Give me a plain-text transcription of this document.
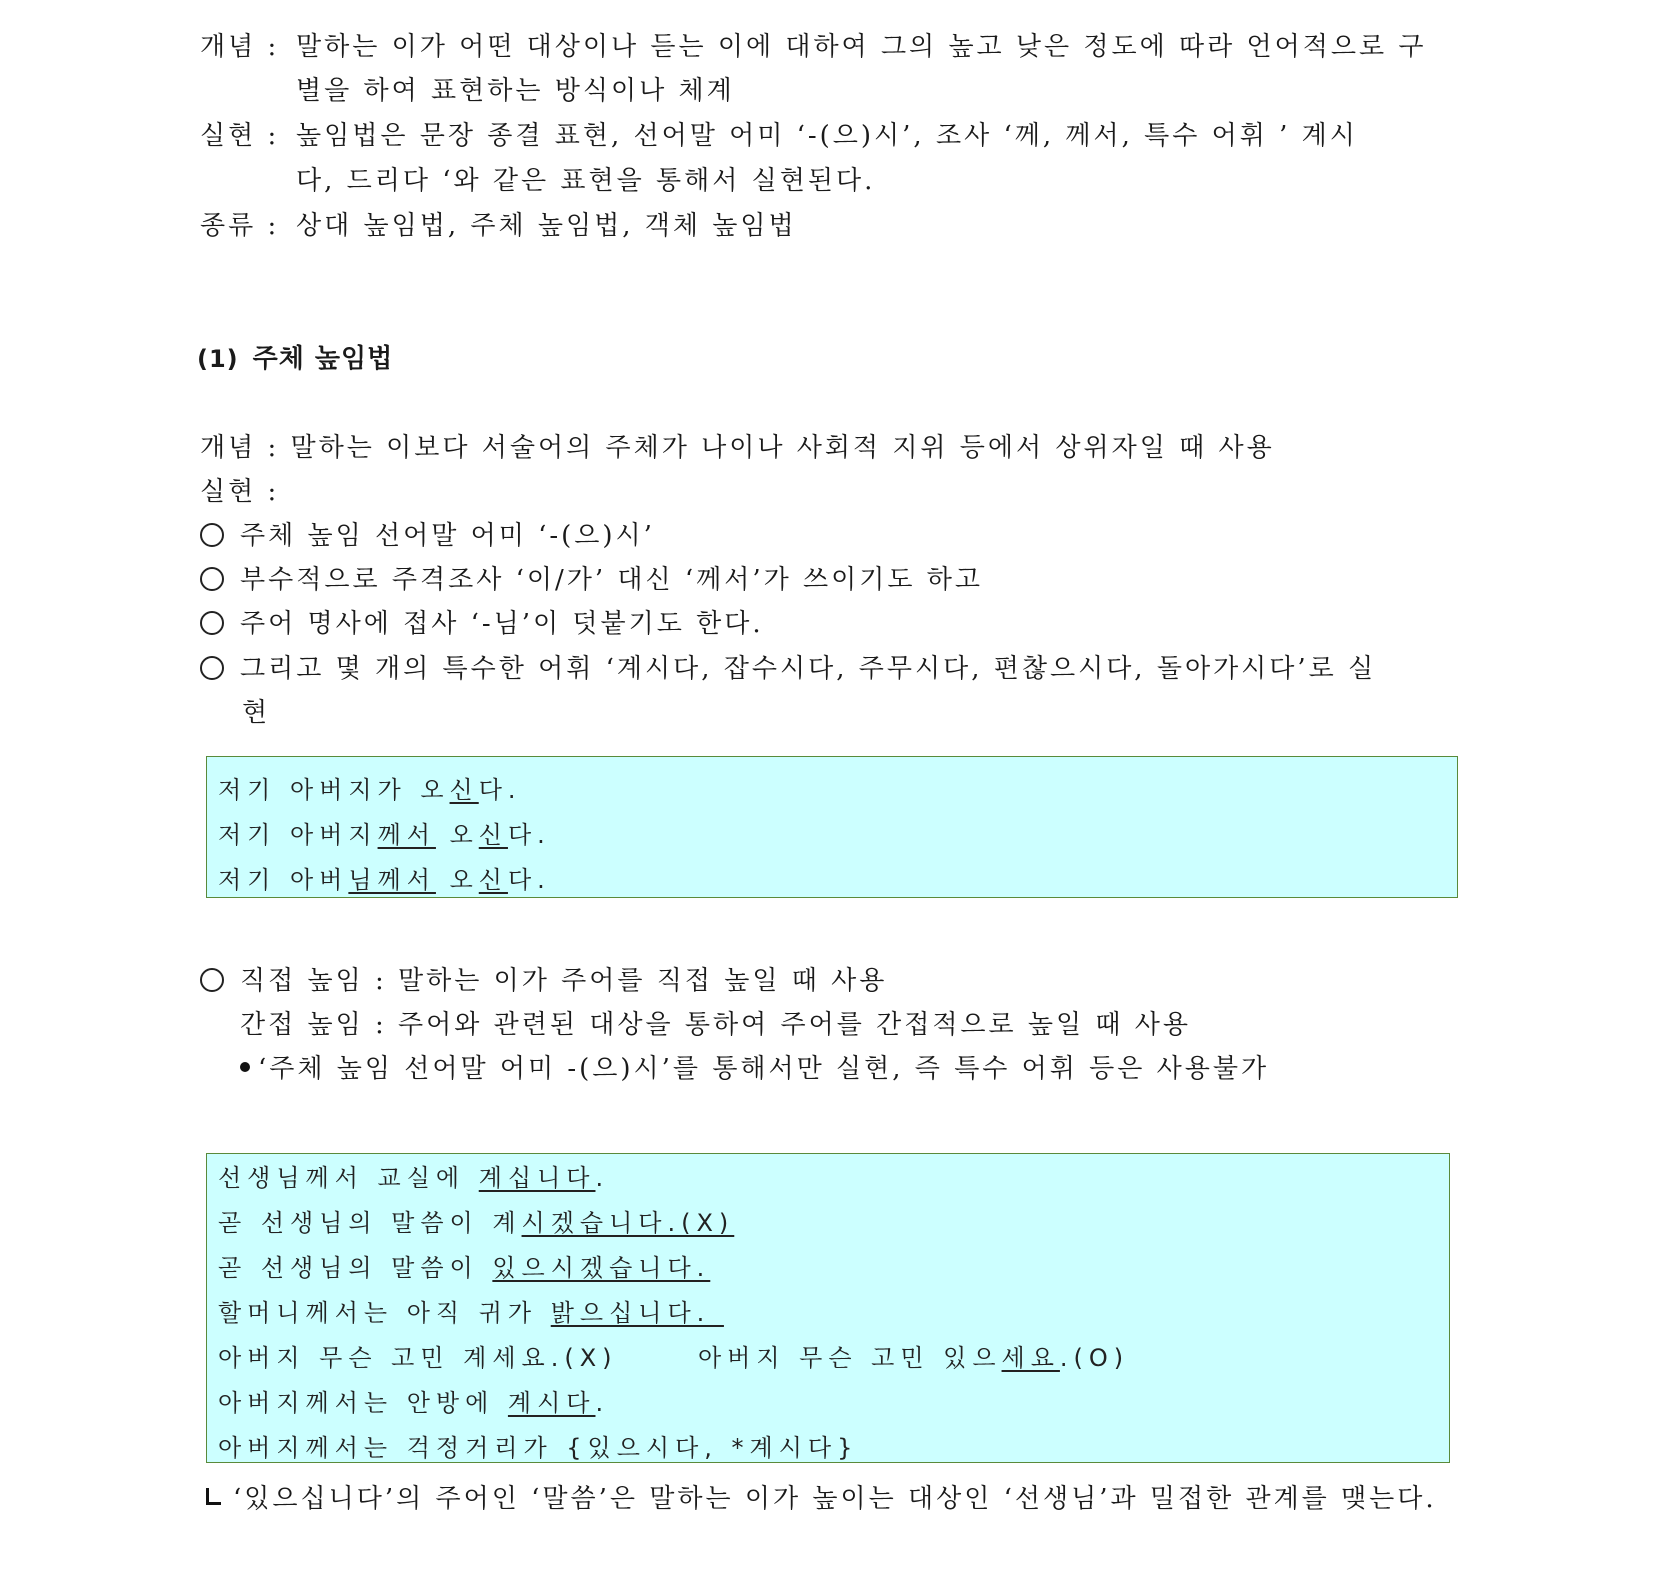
개념 : 말하는 이가 어떤 대상이나 듣는 이에 대하여 그의 높고 낮은 정도에 따라 언어적으로 구
별을 하여 표현하는 방식이나 체계
실현 : 높임법은 문장 종결 표현, 선어말 어미 ‘-(으)시’, 조사 ‘께, 께서, 특수 어휘 ’ 계시
다, 드리다 ‘와 같은 표현을 통해서 실현된다.
종류 : 상대 높임법, 주체 높임법, 객체 높임법
(1) 주체 높임법
개념 : 말하는 이보다 서술어의 주체가 나이나 사회적 지위 등에서 상위자일 때 사용
실현 :
주체 높임 선어말 어미 ‘-(으)시’
부수적으로 주격조사 ‘이/가’ 대신 ‘께서’가 쓰이기도 하고
주어 명사에 접사 ‘-님’이 덧붙기도 한다.
그리고 몇 개의 특수한 어휘 ‘계시다, 잡수시다, 주무시다, 편찮으시다, 돌아가시다’로 실
현
저기 아버지가 오신다.
저기 아버지께서 오신다.
저기 아버님께서 오신다.
직접 높임 : 말하는 이가 주어를 직접 높일 때 사용
간접 높임 : 주어와 관련된 대상을 통하여 주어를 간접적으로 높일 때 사용
‘주체 높임 선어말 어미 -(으)시’를 통해서만 실현, 즉 특수 어휘 등은 사용불가
선생님께서 교실에 계십니다.
곧 선생님의 말씀이 계시겠습니다.(X)
곧 선생님의 말씀이 있으시겠습니다.
할머니께서는 아직 귀가 밝으십니다.
아버지 무슨 고민 계세요.(X)	아버지 무슨 고민 있으세요.(O)
아버지께서는 안방에 계시다.
아버지께서는 걱정거리가 {있으시다, *계시다}
‘있으십니다’의 주어인 ‘말씀’은 말하는 이가 높이는 대상인 ‘선생님’과 밀접한 관계를 맺는다.
